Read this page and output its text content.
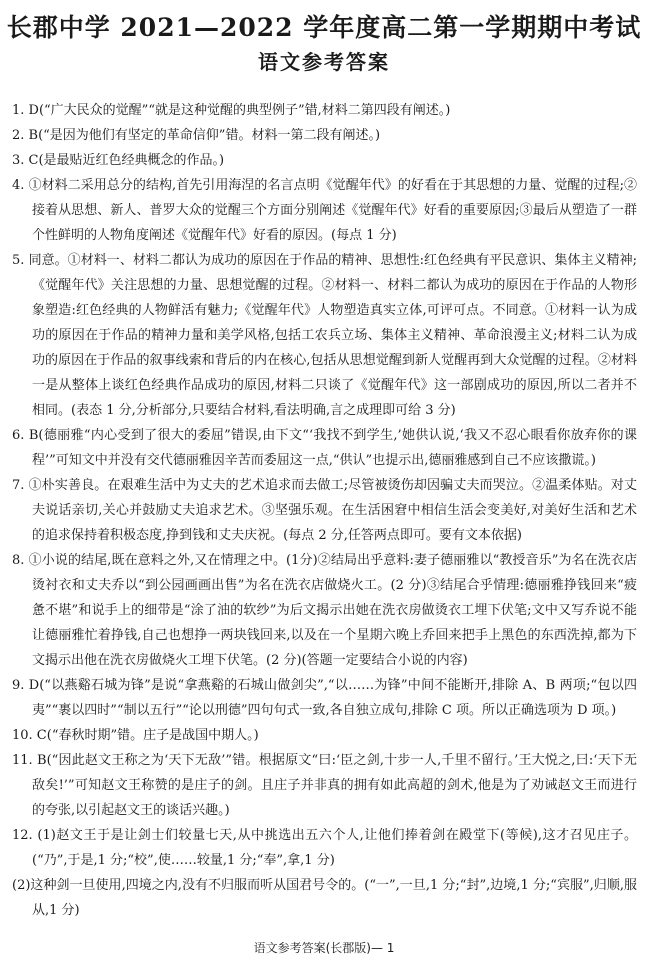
长郡中学 2021—2022 学年度高二第一学期期中考试
语文参考答案

1. D(“广大民众的觉醒”“就是这种觉醒的典型例子”错,材料二第四段有阐述。)

2. B(“是因为他们有坚定的革命信仰”错。材料一第二段有阐述。)

3. C(是最贴近红色经典概念的作品。)

4. ①材料二采用总分的结构,首先引用海涅的名言点明《觉醒年代》的好看在于其思想的力量、觉醒的过程;②接着从思想、新人、普罗大众的觉醒三个方面分别阐述《觉醒年代》好看的重要原因;③最后从塑造了一群个性鲜明的人物角度阐述《觉醒年代》好看的原因。(每点 1 分)

5. 同意。①材料一、材料二都认为成功的原因在于作品的精神、思想性:红色经典有平民意识、集体主义精神;《觉醒年代》关注思想的力量、思想觉醒的过程。②材料一、材料二都认为成功的原因在于作品的人物形象塑造:红色经典的人物鲜活有魅力;《觉醒年代》人物塑造真实立体,可评可点。不同意。①材料一认为成功的原因在于作品的精神力量和美学风格,包括工农兵立场、集体主义精神、革命浪漫主义;材料二认为成功的原因在于作品的叙事线索和背后的内在核心,包括从思想觉醒到新人觉醒再到大众觉醒的过程。②材料一是从整体上谈红色经典作品成功的原因,材料二只谈了《觉醒年代》这一部剧成功的原因,所以二者并不相同。(表态 1 分,分析部分,只要结合材料,看法明确,言之成理即可给 3 分)

6. B(德丽雅“内心受到了很大的委屈”错误,由下文“‘我找不到学生,’她供认说,‘我又不忍心眼看你放弃你的课程’”可知文中并没有交代德丽雅因辛苦而委屈这一点,“供认”也提示出,德丽雅感到自己不应该撒谎。)

7. ①朴实善良。在艰难生活中为丈夫的艺术追求而去做工;尽管被烫伤却因骗丈夫而哭泣。②温柔体贴。对丈夫说话亲切,关心并鼓励丈夫追求艺术。③坚强乐观。在生活困窘中相信生活会变美好,对美好生活和艺术的追求保持着积极态度,挣到钱和丈夫庆祝。(每点 2 分,任答两点即可。要有文本依据)

8. ①小说的结尾,既在意料之外,又在情理之中。(1分)②结局出乎意料:妻子德丽雅以“教授音乐”为名在洗衣店烫衬衣和丈夫乔以“到公园画画出售”为名在洗衣店做烧火工。(2 分)③结尾合乎情理:德丽雅挣钱回来“疲惫不堪”和说手上的细带是“涂了油的软纱”为后文揭示出她在洗衣房做烫衣工埋下伏笔;文中又写乔说不能让德丽雅忙着挣钱,自己也想挣一两块钱回来,以及在一个星期六晚上乔回来把手上黑色的东西洗掉,都为下文揭示出他在洗衣房做烧火工埋下伏笔。(2 分)(答题一定要结合小说的内容)

9. D(“以燕谿石城为锋”是说“拿燕谿的石城山做剑尖”,“以……为锋”中间不能断开,排除 A、B 两项;“包以四夷”“裹以四时”“制以五行”“论以刑德”四句句式一致,各自独立成句,排除 C 项。所以正确选项为 D 项。)

10. C(“春秋时期”错。庄子是战国中期人。)

11. B(“因此赵文王称之为‘天下无敌’”错。根据原文“曰:‘臣之剑,十步一人,千里不留行。’王大悦之,曰:‘天下无敌矣!’”可知赵文王称赞的是庄子的剑。且庄子并非真的拥有如此高超的剑术,他是为了劝诫赵文王而进行的夸张,以引起赵文王的谈话兴趣。)

12. (1)赵文王于是让剑士们较量七天,从中挑选出五六个人,让他们捧着剑在殿堂下(等候),这才召见庄子。(“乃”,于是,1 分;“校”,使……较量,1 分;“奉”,拿,1 分)

(2)这种剑一旦使用,四境之内,没有不归服而听从国君号令的。(“一”,一旦,1 分;“封”,边境,1 分;“宾服”,归顺,服从,1 分)

语文参考答案(长郡版)— 1
